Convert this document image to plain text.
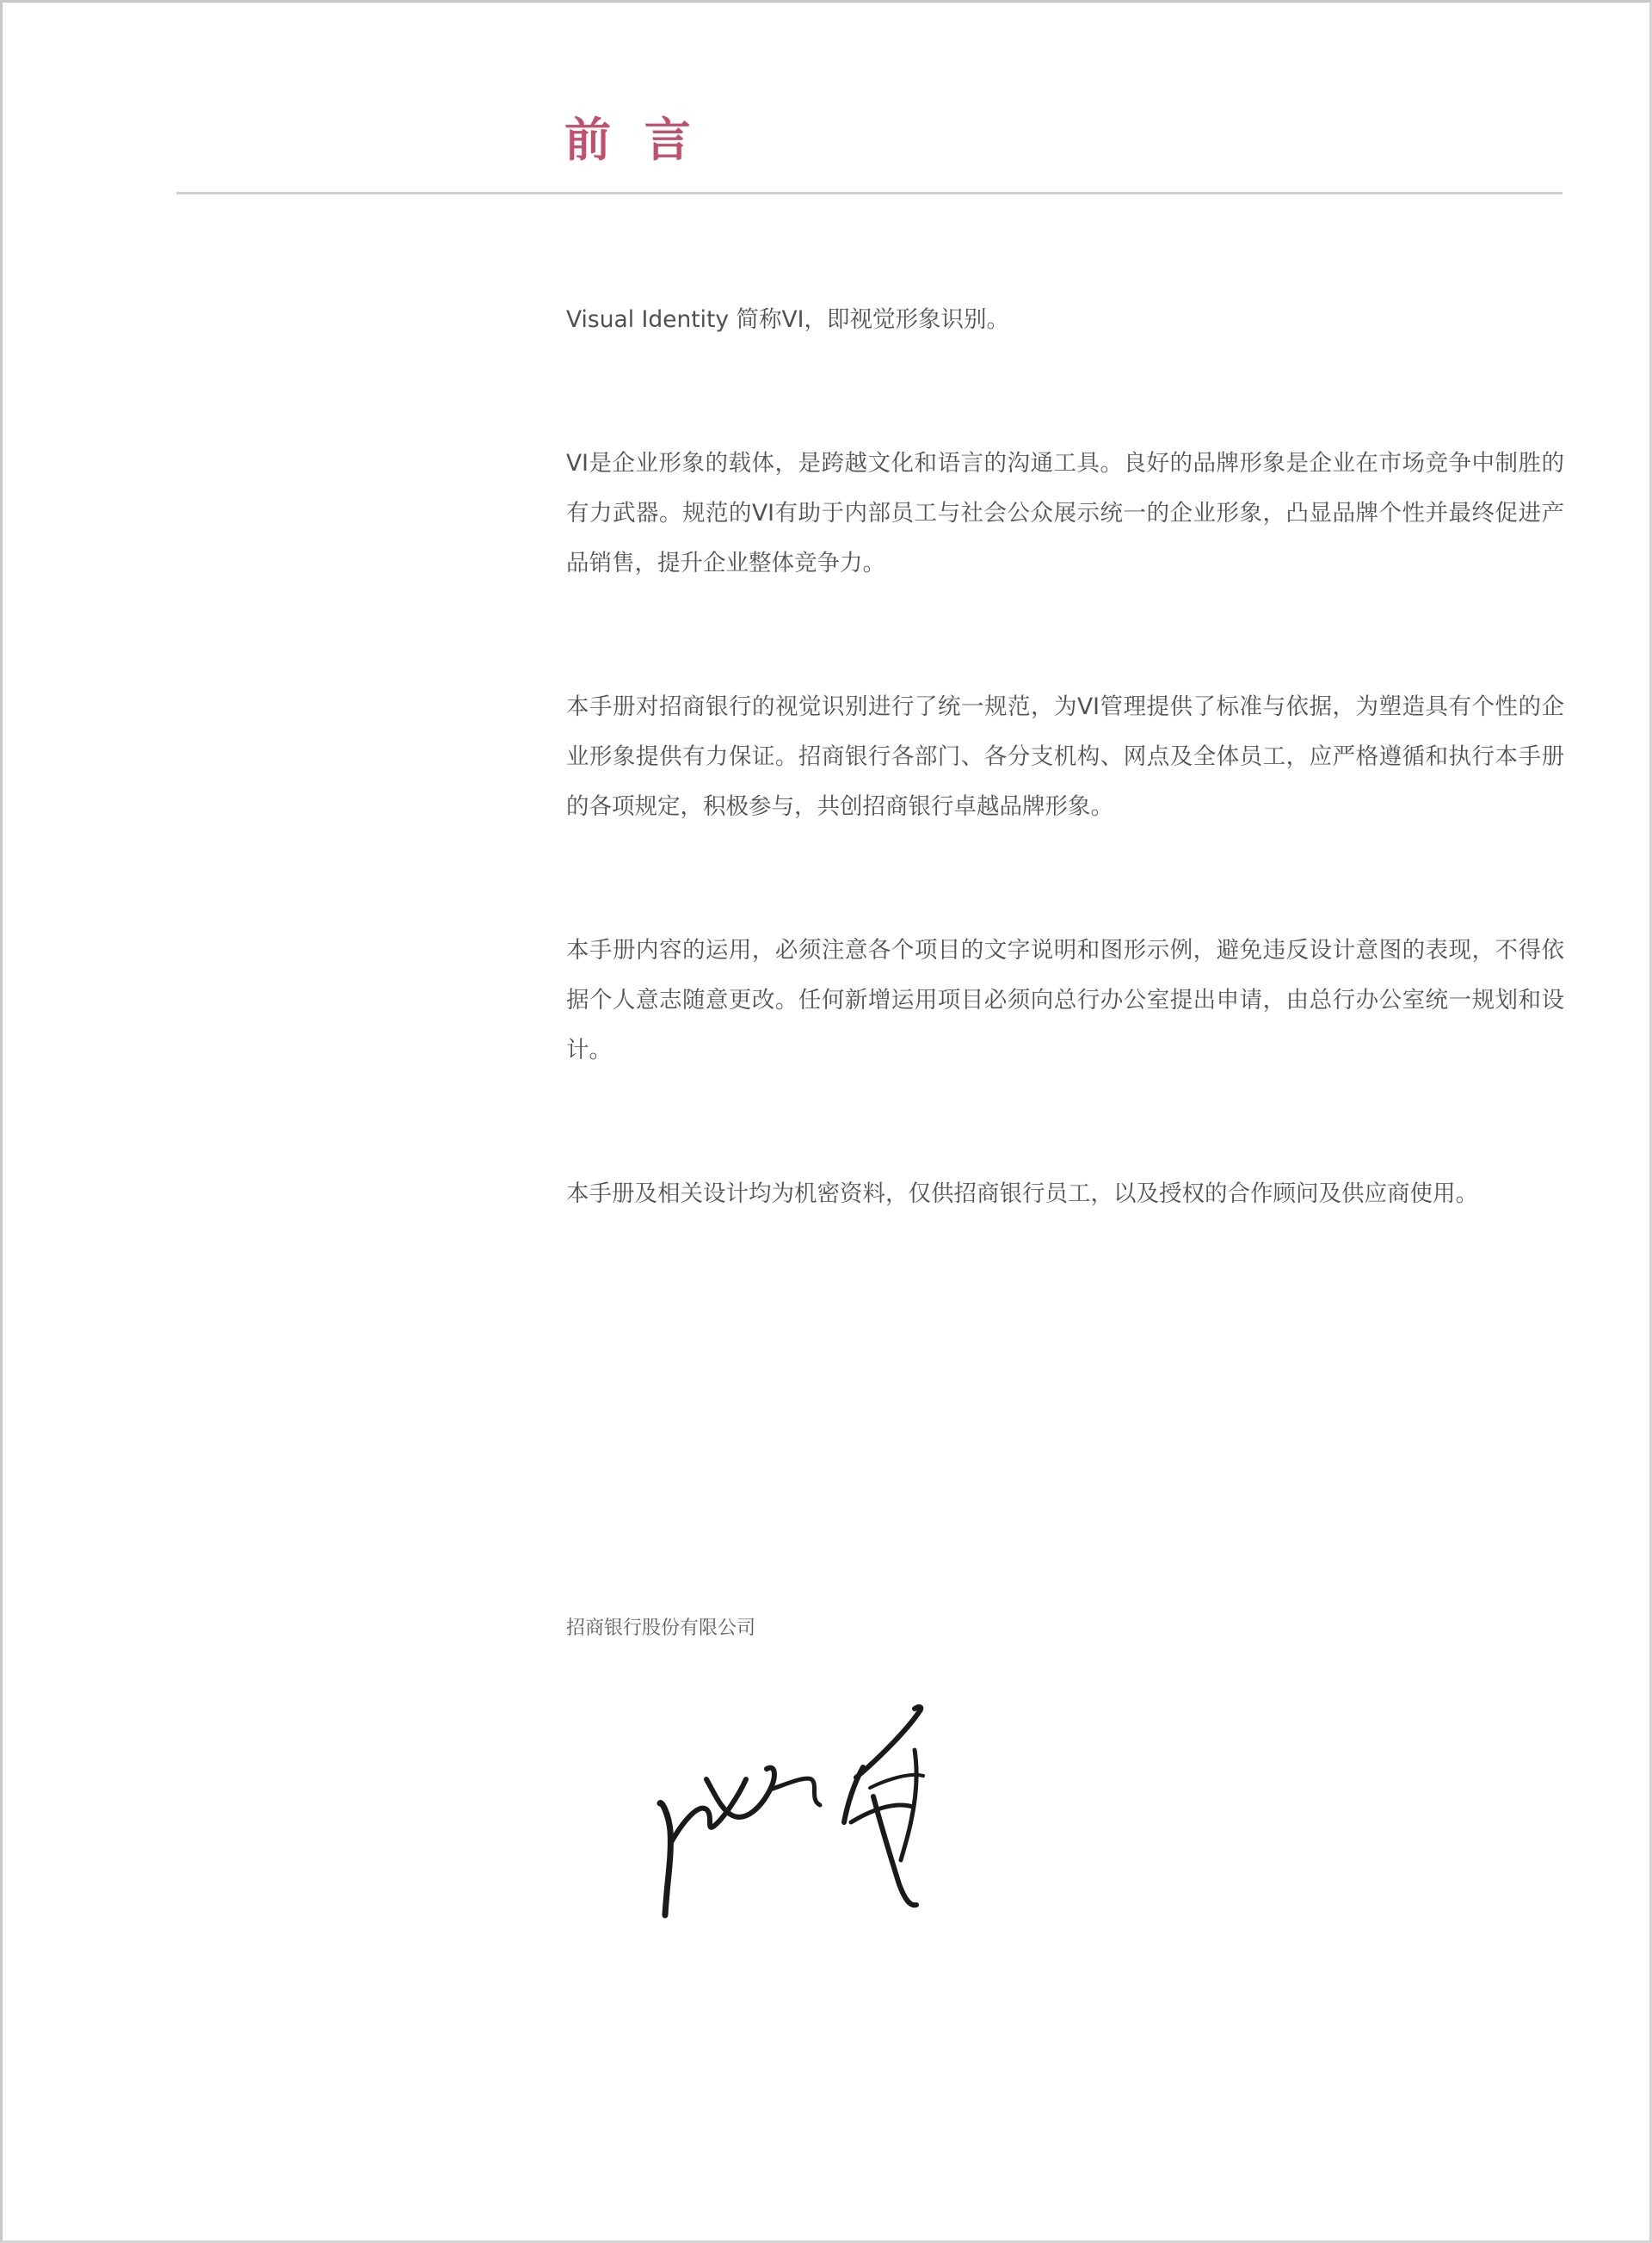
前 言

Visual Identity 简称VI，即视觉形象识别。

VI是企业形象的载体，是跨越文化和语言的沟通工具。良好的品牌形象是企业在市场竞争中制胜的有力武器。规范的VI有助于内部员工与社会公众展示统一的企业形象，凸显品牌个性并最终促进产品销售，提升企业整体竞争力。

本手册对招商银行的视觉识别进行了统一规范，为VI管理提供了标准与依据，为塑造具有个性的企业形象提供有力保证。招商银行各部门、各分支机构、网点及全体员工，应严格遵循和执行本手册的各项规定，积极参与，共创招商银行卓越品牌形象。

本手册内容的运用，必须注意各个项目的文字说明和图形示例，避免违反设计意图的表现，不得依据个人意志随意更改。任何新增运用项目必须向总行办公室提出申请，由总行办公室统一规划和设计。

本手册及相关设计均为机密资料，仅供招商银行员工，以及授权的合作顾问及供应商使用。

招商银行股份有限公司
